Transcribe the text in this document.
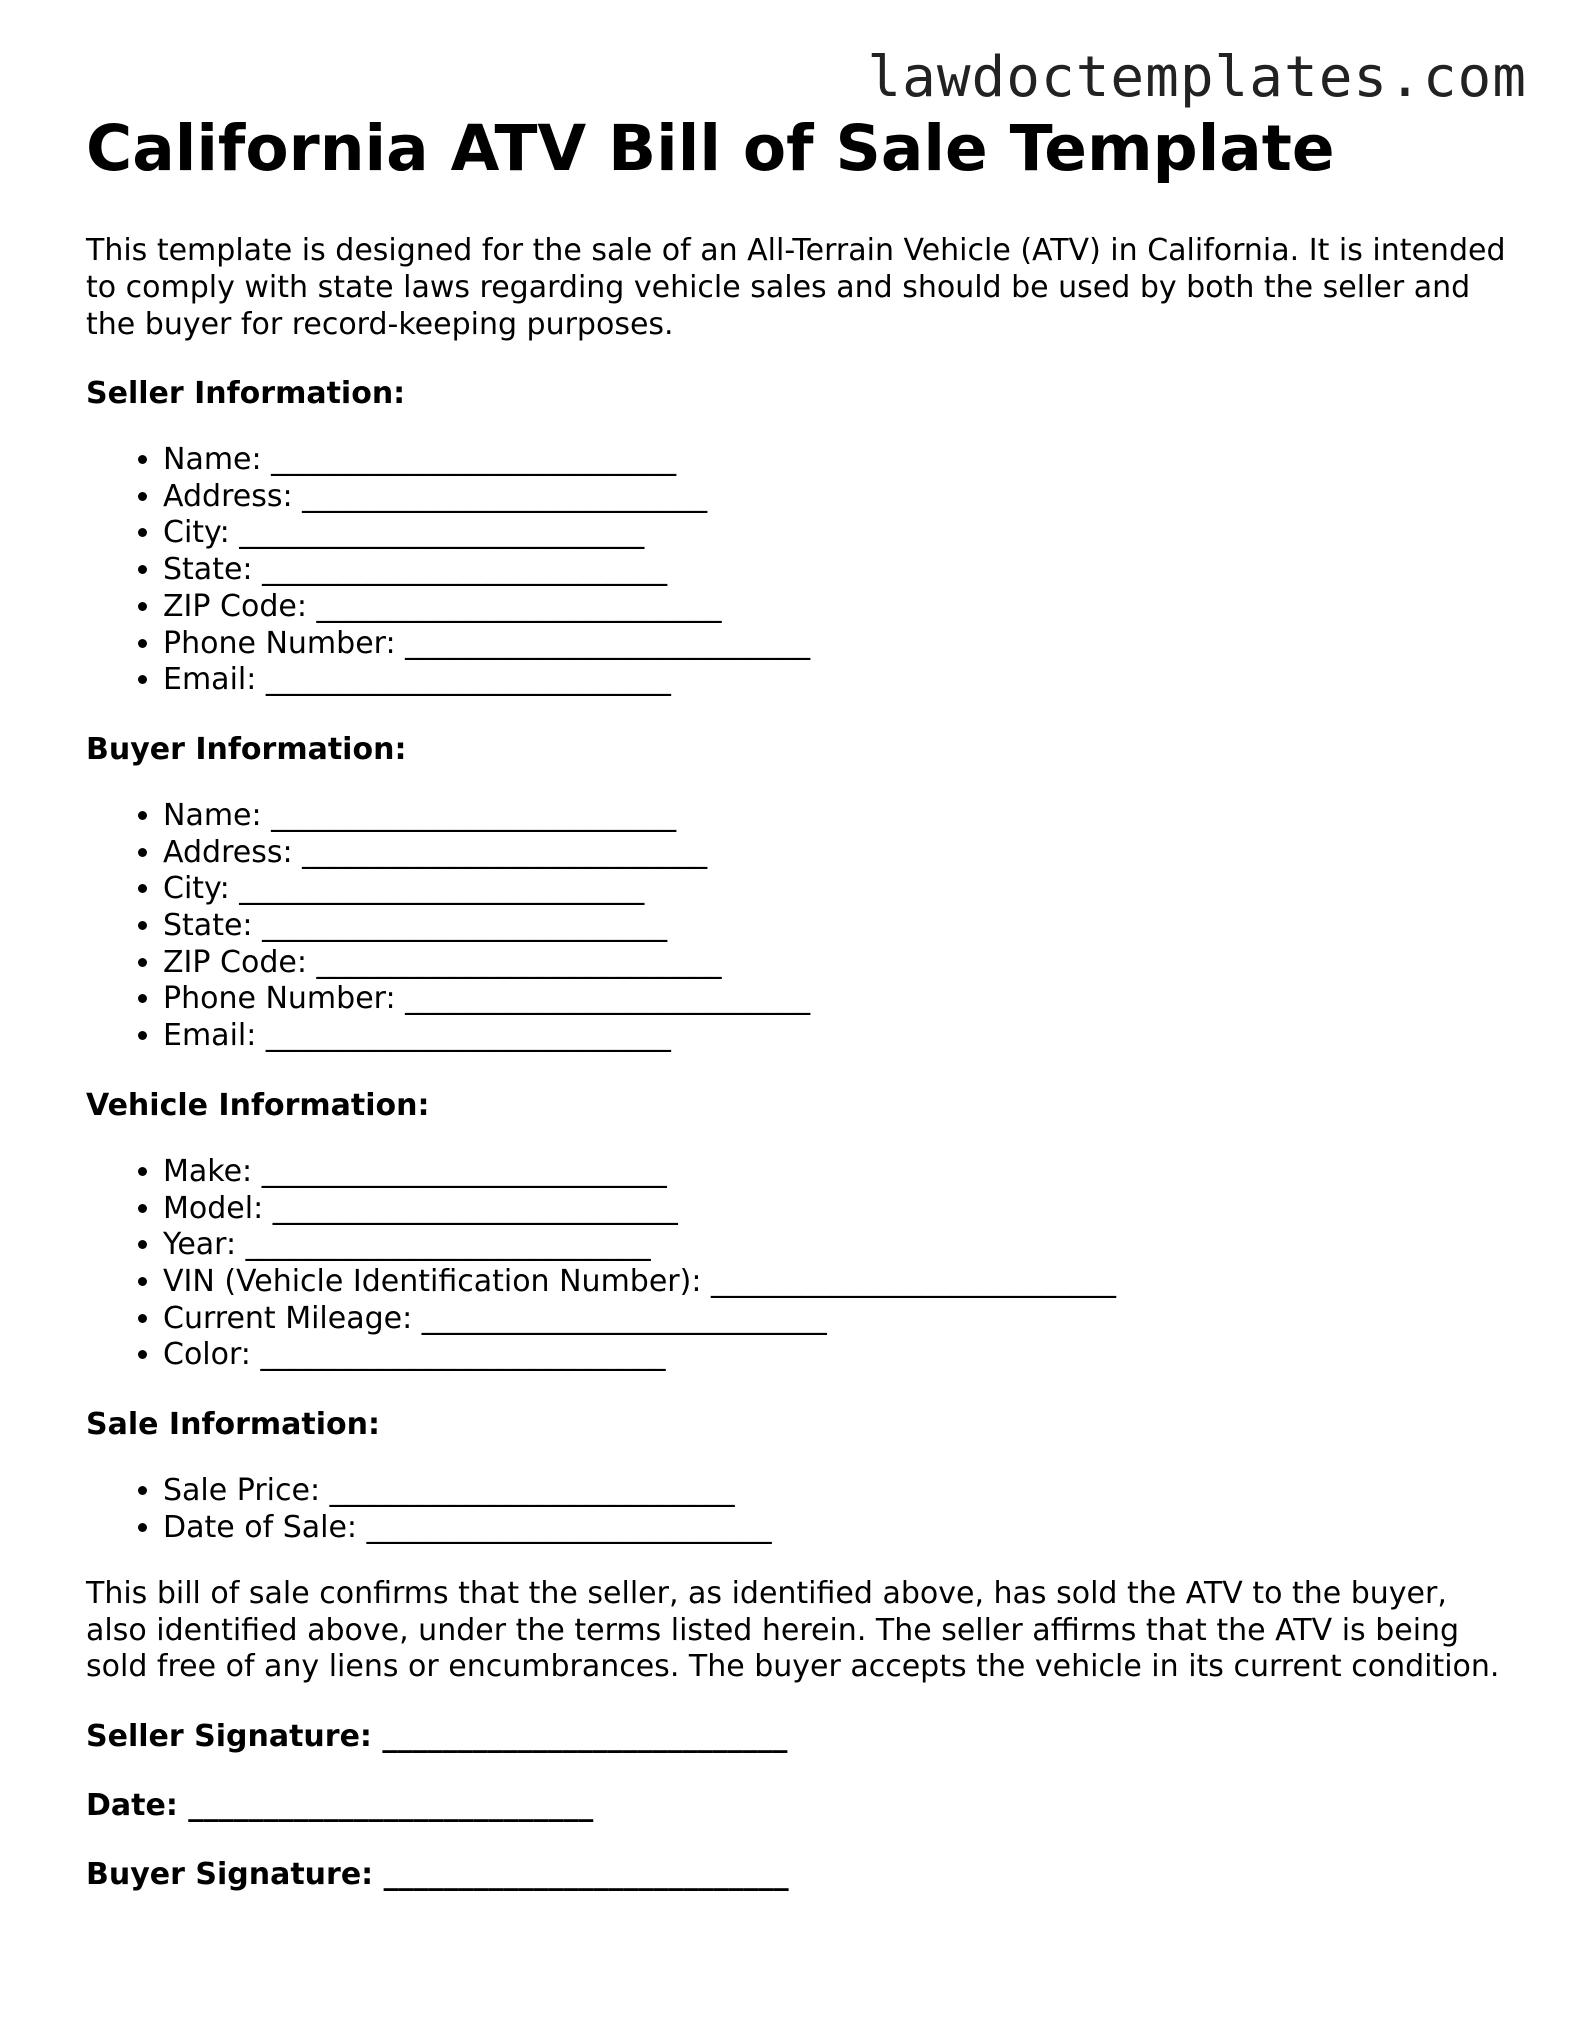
lawdoctemplates.com
California ATV Bill of Sale Template

This template is designed for the sale of an All-Terrain Vehicle (ATV) in California. It is intended to comply with state laws regarding vehicle sales and should be used by both the seller and the buyer for record-keeping purposes.

Seller Information:

• Name: ___________________________
• Address: ___________________________
• City: ___________________________
• State: ___________________________
• ZIP Code: ___________________________
• Phone Number: ___________________________
• Email: ___________________________

Buyer Information:

• Name: ___________________________
• Address: ___________________________
• City: ___________________________
• State: ___________________________
• ZIP Code: ___________________________
• Phone Number: ___________________________
• Email: ___________________________

Vehicle Information:

• Make: ___________________________
• Model: ___________________________
• Year: ___________________________
• VIN (Vehicle Identification Number): ___________________________
• Current Mileage: ___________________________
• Color: ___________________________

Sale Information:

• Sale Price: ___________________________
• Date of Sale: ___________________________

This bill of sale confirms that the seller, as identified above, has sold the ATV to the buyer, also identified above, under the terms listed herein. The seller affirms that the ATV is being sold free of any liens or encumbrances. The buyer accepts the vehicle in its current condition.

Seller Signature: ___________________________

Date: ___________________________

Buyer Signature: ___________________________
